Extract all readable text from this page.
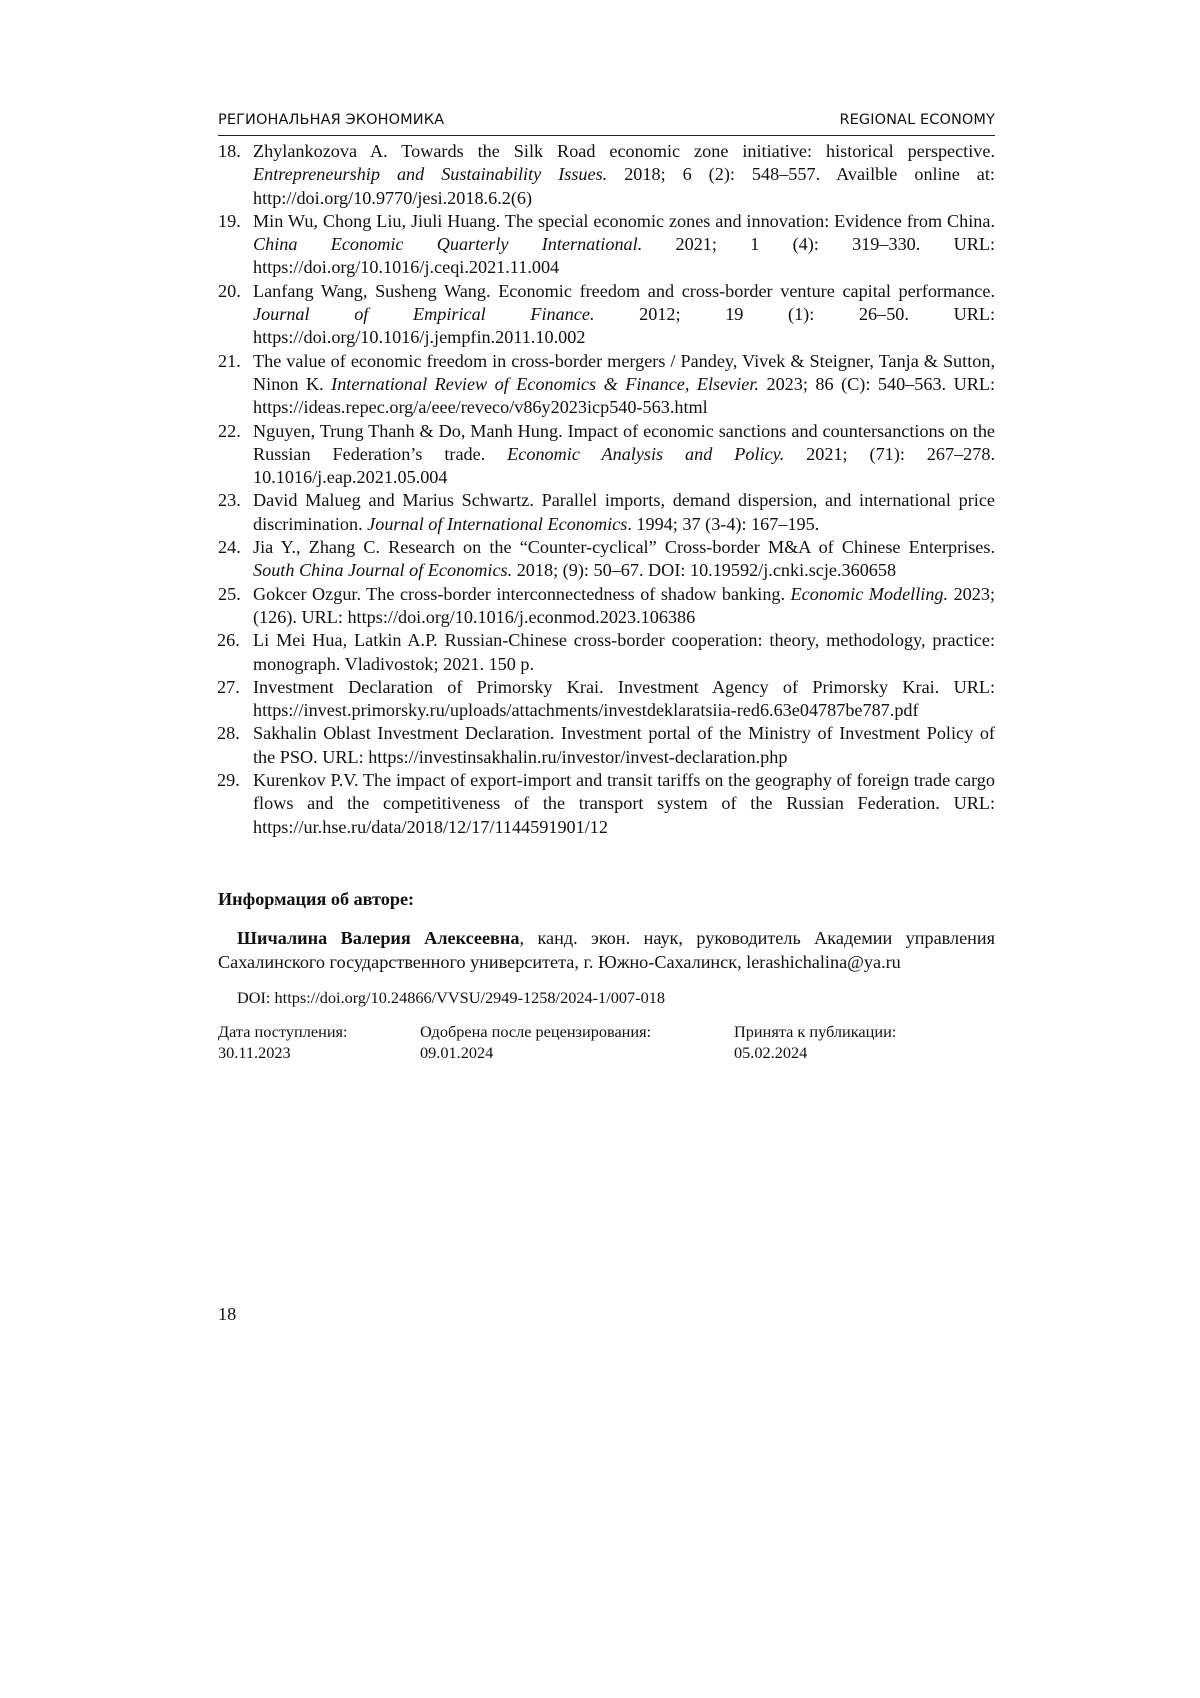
РЕГИОНАЛЬНАЯ ЭКОНОМИКА	REGIONAL ECONOMY
18. Zhylankozova A. Towards the Silk Road economic zone initiative: historical perspective. Entrepreneurship and Sustainability Issues. 2018; 6 (2): 548–557. Availble online at: http://doi.org/10.9770/jesi.2018.6.2(6)
19. Min Wu, Chong Liu, Jiuli Huang. The special economic zones and innovation: Evidence from China. China Economic Quarterly International. 2021; 1 (4): 319–330. URL: https://doi.org/10.1016/j.ceqi.2021.11.004
20. Lanfang Wang, Susheng Wang. Economic freedom and cross-border venture capital performance. Journal of Empirical Finance. 2012; 19 (1): 26–50. URL: https://doi.org/10.1016/j.jempfin.2011.10.002
21. The value of economic freedom in cross-border mergers / Pandey, Vivek & Steigner, Tanja & Sutton, Ninon K. International Review of Economics & Finance, Elsevier. 2023; 86 (C): 540–563. URL: https://ideas.repec.org/a/eee/reveco/v86y2023icp540-563.html
22. Nguyen, Trung Thanh & Do, Manh Hung. Impact of economic sanctions and countersanctions on the Russian Federation’s trade. Economic Analysis and Policy. 2021; (71): 267–278. 10.1016/j.eap.2021.05.004
23. David Malueg and Marius Schwartz. Parallel imports, demand dispersion, and international price discrimination. Journal of International Economics. 1994; 37 (3-4): 167–195.
24. Jia Y., Zhang C. Research on the “Counter-cyclical” Cross-border M&A of Chinese Enterprises. South China Journal of Economics. 2018; (9): 50–67. DOI: 10.19592/j.cnki.scje.360658
25. Gokcer Ozgur. The cross-border interconnectedness of shadow banking. Economic Modelling. 2023; (126). URL: https://doi.org/10.1016/j.econmod.2023.106386
26. Li Mei Hua, Latkin A.P. Russian-Chinese cross-border cooperation: theory, methodology, practice: monograph. Vladivostok; 2021. 150 p.
27. Investment Declaration of Primorsky Krai. Investment Agency of Primorsky Krai. URL: https://invest.primorsky.ru/uploads/attachments/investdeklaratsiia-red6.63e04787be787.pdf
28. Sakhalin Oblast Investment Declaration. Investment portal of the Ministry of Investment Policy of the PSO. URL: https://investinsakhalin.ru/investor/invest-declaration.php
29. Kurenkov P.V. The impact of export-import and transit tariffs on the geography of foreign trade cargo flows and the competitiveness of the transport system of the Russian Federation. URL: https://ur.hse.ru/data/2018/12/17/1144591901/12
Информация об авторе:
Шичалина Валерия Алексеевна, канд. экон. наук, руководитель Академии управления Сахалинского государственного университета, г. Южно-Сахалинск, lerashichalina@ya.ru
DOI: https://doi.org/10.24866/VVSU/2949-1258/2024-1/007-018
Дата поступления:
30.11.2023
Одобрена после рецензирования:
09.01.2024
Принята к публикации:
05.02.2024
18
